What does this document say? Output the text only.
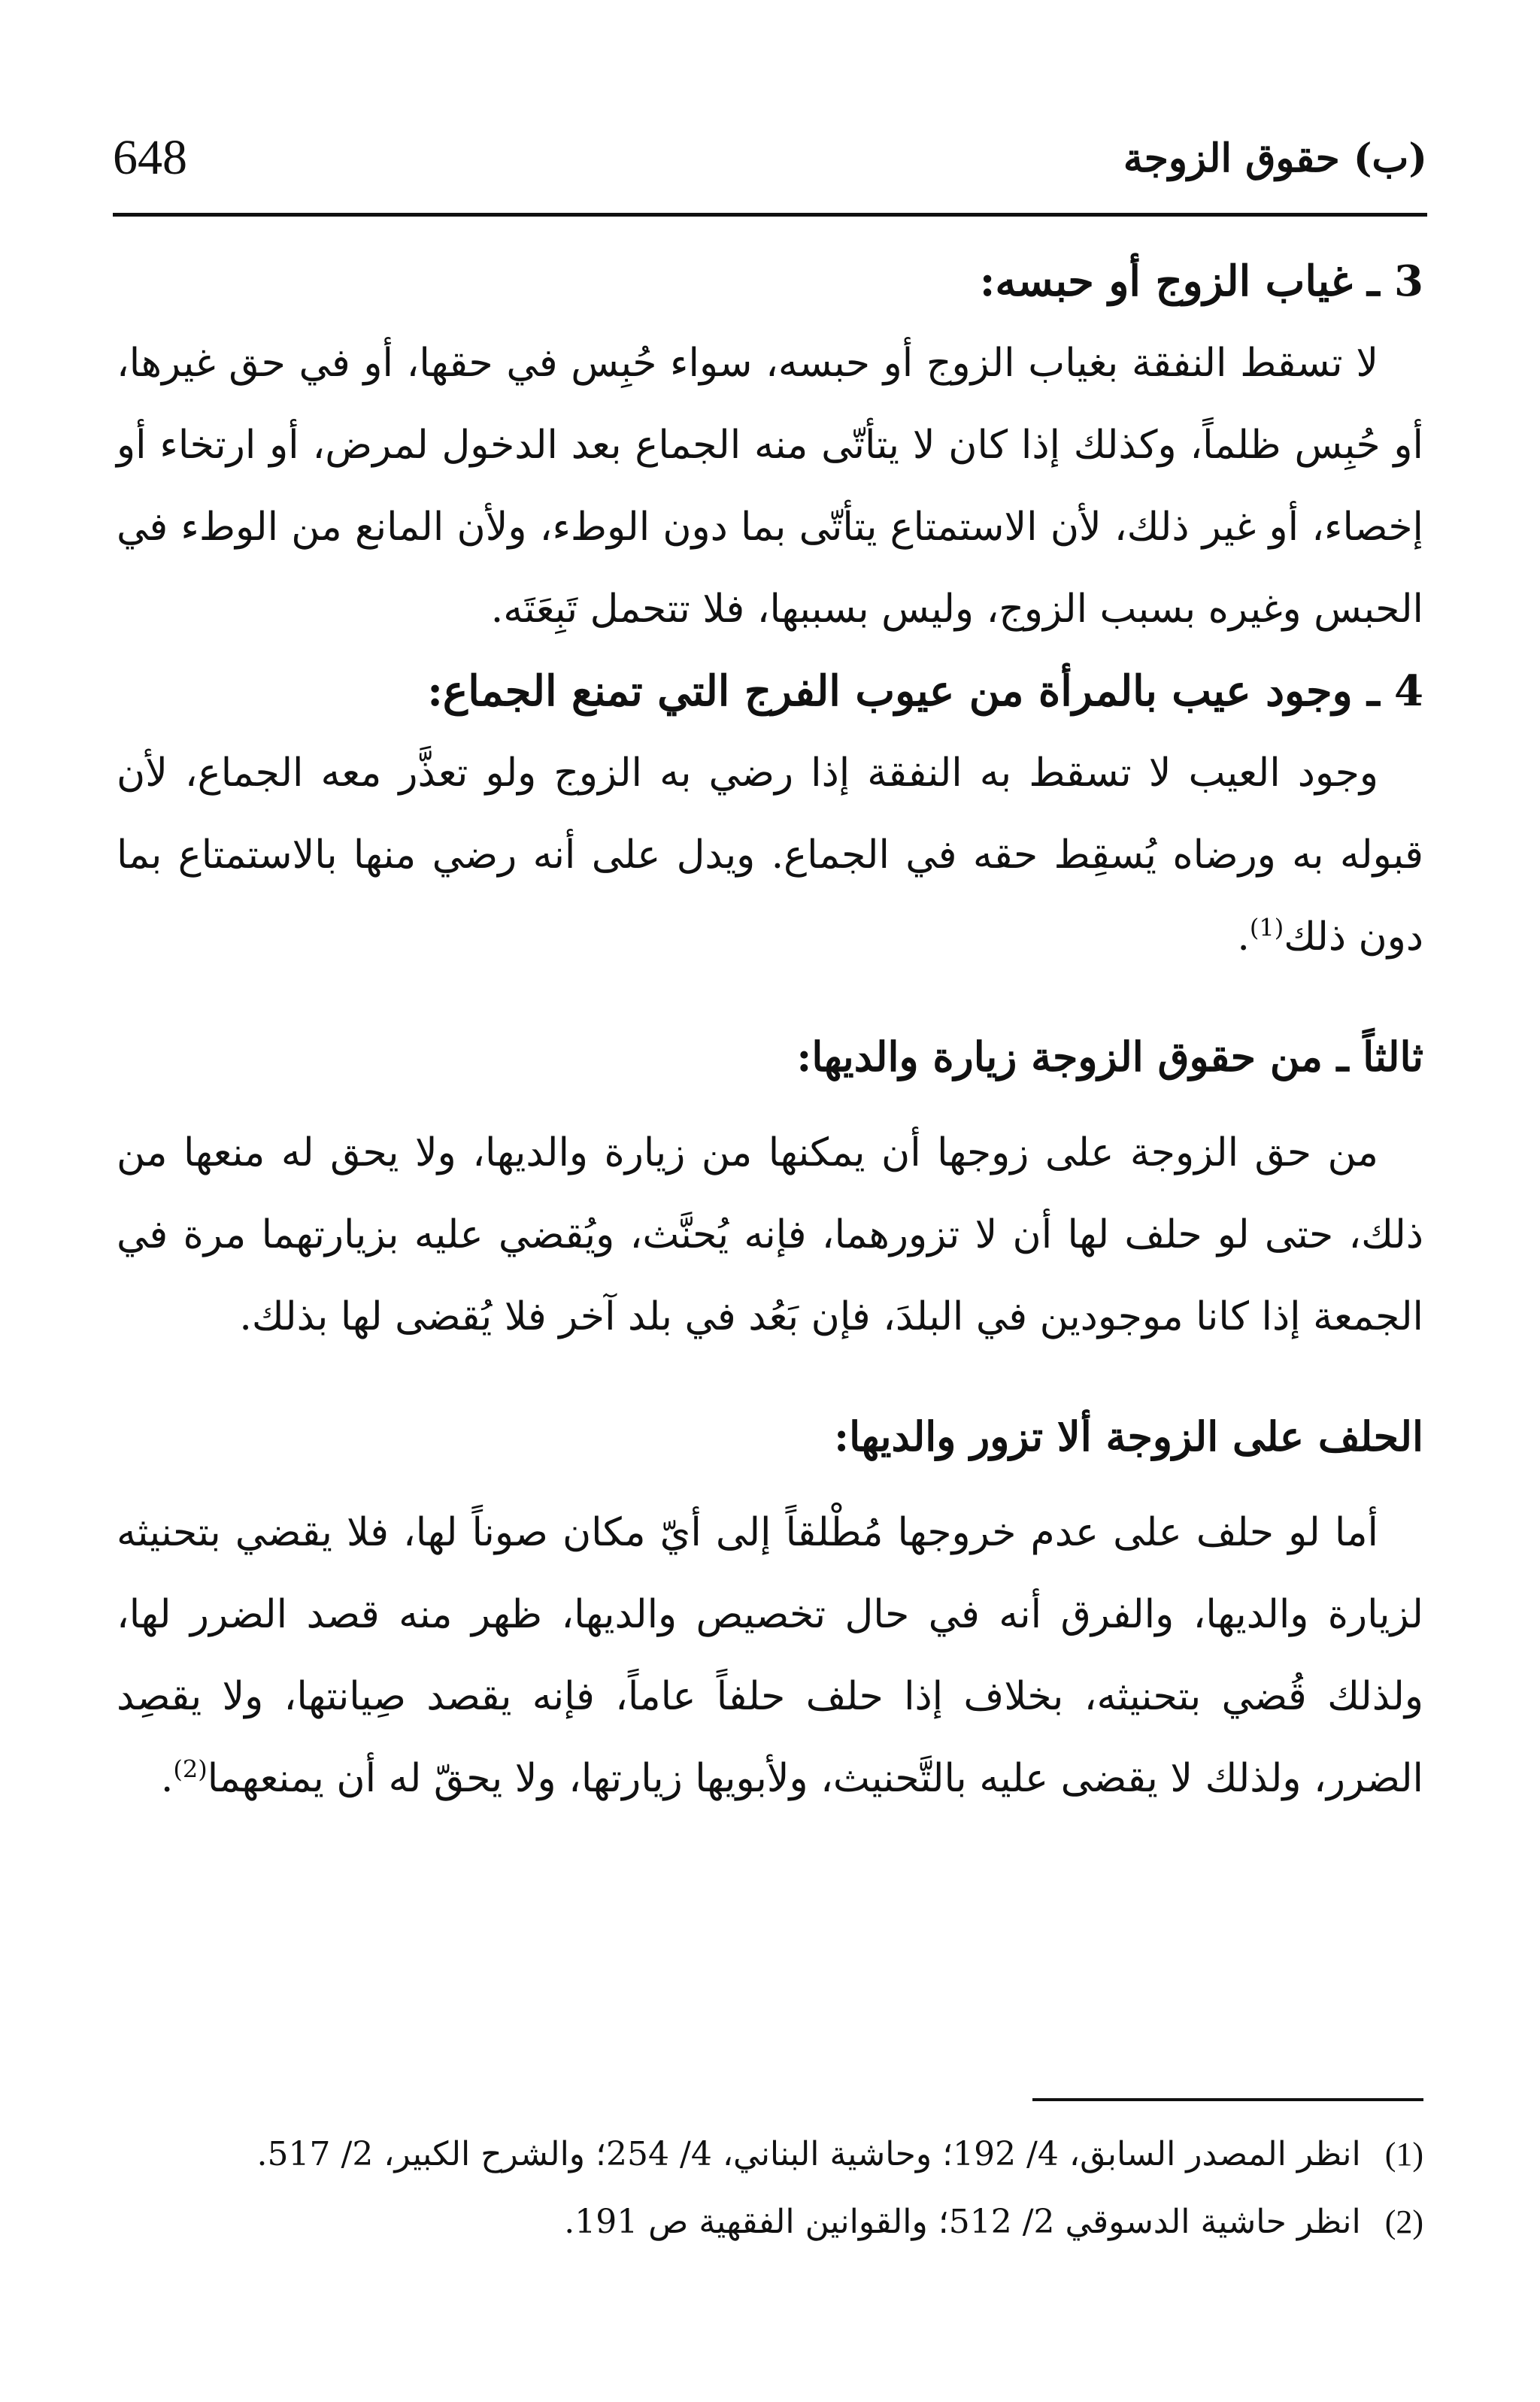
648	(ب) حقوق الزوجة
3 ـ غياب الزوج أو حبسه:

لا تسقط النفقة بغياب الزوج أو حبسه، سواء حُبِس في حقها، أو في حق غيرها، أو حُبِس ظلماً، وكذلك إذا كان لا يتأتّى منه الجماع بعد الدخول لمرض، أو ارتخاء أو إخصاء، أو غير ذلك، لأن الاستمتاع يتأتّى بما دون الوطء، ولأن المانع من الوطء في الحبس وغيره بسبب الزوج، وليس بسببها، فلا تتحمل تَبِعَتَه.

4 ـ وجود عيب بالمرأة من عيوب الفرج التي تمنع الجماع:

وجود العيب لا تسقط به النفقة إذا رضي به الزوج ولو تعذَّر معه الجماع، لأن قبوله به ورضاه يُسقِط حقه في الجماع. ويدل على أنه رضي منها بالاستمتاع بما دون ذلك$^{(1)}$.

ثالثاً ـ من حقوق الزوجة زيارة والديها:

من حق الزوجة على زوجها أن يمكنها من زيارة والديها، ولا يحق له منعها من ذلك، حتى لو حلف لها أن لا تزورهما، فإنه يُحنَّث، ويُقضي عليه بزيارتهما مرة في الجمعة إذا كانا موجودين في البلدَ، فإن بَعُد في بلد آخر فلا يُقضى لها بذلك.

الحلف على الزوجة ألا تزور والديها:

أما لو حلف على عدم خروجها مُطْلقاً إلى أيّ مكان صوناً لها، فلا يقضي بتحنيثه لزيارة والديها، والفرق أنه في حال تخصيص والديها، ظهر منه قصد الضرر لها، ولذلك قُضي بتحنيثه، بخلاف إذا حلف حلفاً عاماً، فإنه يقصد صِيانتها، ولا يقصِد الضرر، ولذلك لا يقضى عليه بالتَّحنيث، ولأبويها زيارتها، ولا يحقّ له أن يمنعهما$^{(2)}$.

(1)
انظر المصدر السابق، 4/ 192؛ وحاشية البناني، 4/ 254؛ والشرح الكبير، 2/ 517.
(2)
انظر حاشية الدسوقي 2/ 512؛ والقوانين الفقهية ص 191.
